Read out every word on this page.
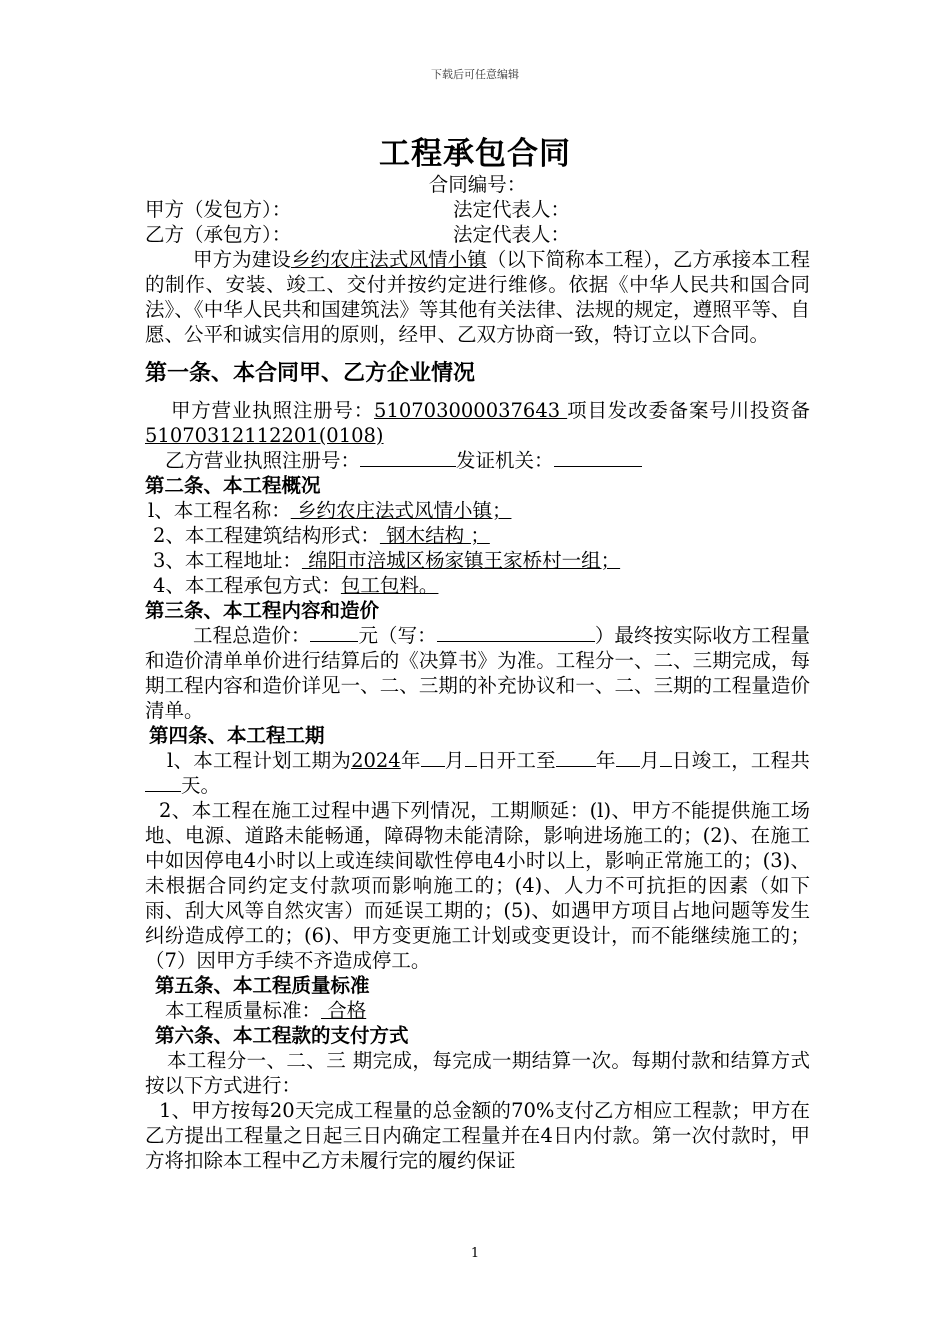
下载后可任意编辑
工程承包合同
合同编号：
甲方（发包方）：	法定代表人：
乙方（承包方）：	法定代表人：
甲方为建设乡约农庄法式风情小镇（以下简称本工程），乙方承接本工程的制作、安装、竣工、交付并按约定进行维修。依据《中华人民共和国合同法》、《中华人民共和国建筑法》等其他有关法律、法规的规定，遵照平等、自愿、公平和诚实信用的原则，经甲、乙双方协商一致，特订立以下合同。
第一条、本合同甲、乙方企业情况
甲方营业执照注册号：510703000037643 项目发改委备案号川投资备51070312112201(0108)
乙方营业执照注册号：	发证机关：
第二条、本工程概况
l、本工程名称： 乡约农庄法式风情小镇；
2、本工程建筑结构形式： 钢木结构 ；
3、本工程地址： 绵阳市涪城区杨家镇王家桥村一组；
4、本工程承包方式：包工包料。
第三条、本工程内容和造价
工程总造价： 元（写：	）最终按实际收方工程量和造价清单单价进行结算后的《决算书》为准。工程分一、二、三期完成，每期工程内容和造价详见一、二、三期的补充协议和一、二、三期的工程量造价清单。
第四条、本工程工期
l、本工程计划工期为2024年 月 日开工至 年 月 日竣工，工程共天。
2、本工程在施工过程中遇下列情况，工期顺延：(l)、甲方不能提供施工场地、电源、道路未能畅通，障碍物未能清除，影响进场施工的；(2)、在施工中如因停电4小时以上或连续间歇性停电4小时以上，影响正常施工的；(3)、未根据合同约定支付款项而影响施工的；(4)、人力不可抗拒的因素（如下雨、刮大风等自然灾害）而延误工期的；(5)、如遇甲方项目占地问题等发生纠纷造成停工的；(6)、甲方变更施工计划或变更设计，而不能继续施工的；（7）因甲方手续不齐造成停工。
第五条、本工程质量标准
本工程质量标准： 合格
第六条、本工程款的支付方式
本工程分一、二、三 期完成，每完成一期结算一次。每期付款和结算方式按以下方式进行：
1、甲方按每20天完成工程量的总金额的70%支付乙方相应工程款；甲方在乙方提出工程量之日起三日内确定工程量并在4日内付款。第一次付款时，甲方将扣除本工程中乙方未履行完的履约保证
1
